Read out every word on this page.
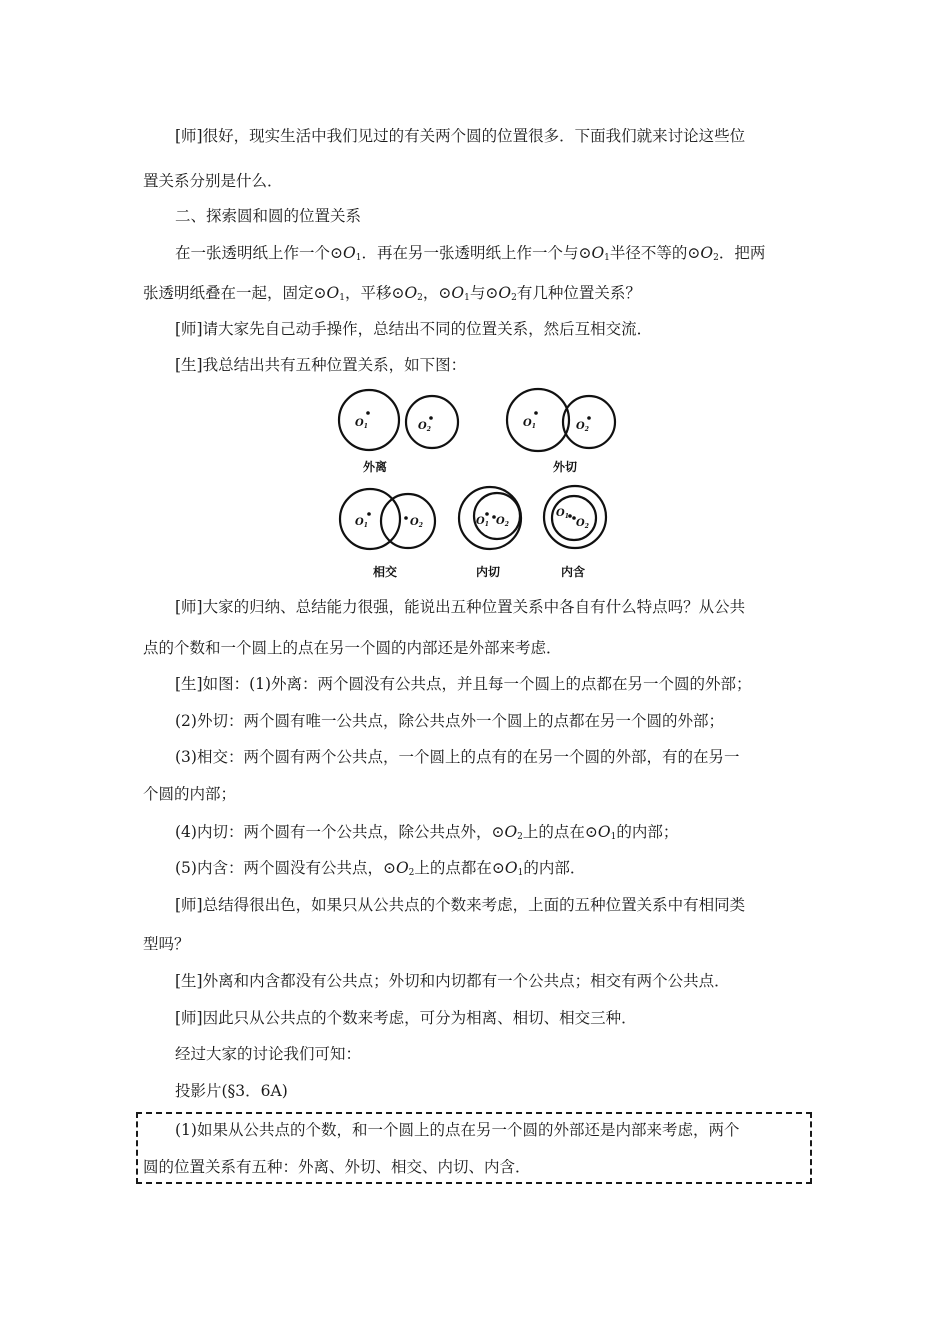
[师]很好，现实生活中我们见过的有关两个圆的位置很多．下面我们就来讨论这些位
置关系分别是什么．
二、探索圆和圆的位置关系
在一张透明纸上作一个$⊙O_1$．再在另一张透明纸上作一个与$⊙O_1$半径不等的$⊙O_2$．把两
张透明纸叠在一起，固定$⊙O_1$，平移$⊙O_2$，$⊙O_1$与$⊙O_2$有几种位置关系？
[师]请大家先自己动手操作，总结出不同的位置关系，然后互相交流．
[生]我总结出共有五种位置关系，如下图：
$O_1$	$O_2$
$O_1$	$O_2$
$O_1$	$O_2$	$O_1$ $O_2$
$O_1$
$O_2$
外离	外切
相交	内切	内含
[师]大家的归纳、总结能力很强，能说出五种位置关系中各自有什么特点吗？从公共
点的个数和一个圆上的点在另一个圆的内部还是外部来考虑．
[生]如图：(1)外离：两个圆没有公共点，并且每一个圆上的点都在另一个圆的外部；
(2)外切：两个圆有唯一公共点，除公共点外一个圆上的点都在另一个圆的外部；
(3)相交：两个圆有两个公共点，一个圆上的点有的在另一个圆的外部，有的在另一
个圆的内部；
(4)内切：两个圆有一个公共点，除公共点外，$⊙O_2$上的点在$⊙O_1$的内部；
(5)内含：两个圆没有公共点，$⊙O_2$上的点都在$⊙O_1$的内部．
[师]总结得很出色，如果只从公共点的个数来考虑，上面的五种位置关系中有相同类
型吗？
[生]外离和内含都没有公共点；外切和内切都有一个公共点；相交有两个公共点．
[师]因此只从公共点的个数来考虑，可分为相离、相切、相交三种．
经过大家的讨论我们可知：
投影片(§3．6A)
(1)如果从公共点的个数，和一个圆上的点在另一个圆的外部还是内部来考虑，两个
圆的位置关系有五种：外离、外切、相交、内切、内含．
